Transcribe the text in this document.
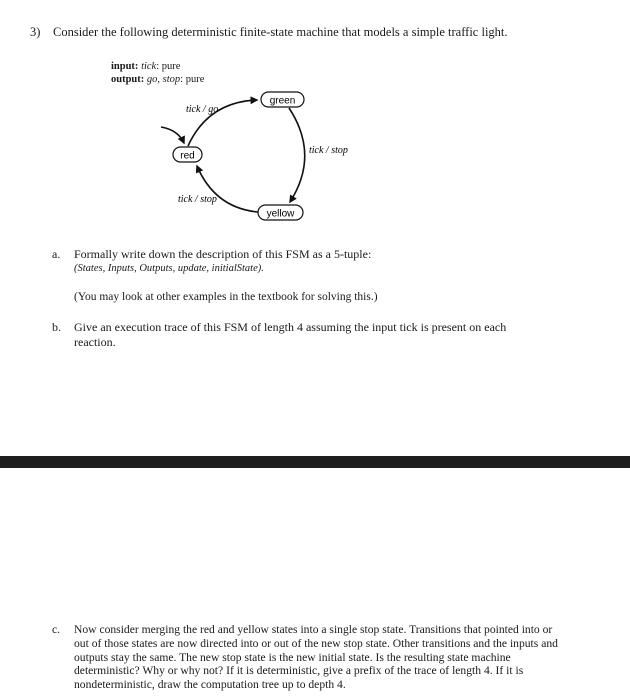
3) Consider the following deterministic finite-state machine that models a simple traffic light.
input: tick: pure
output: go, stop: pure
green
red
yellow
tick / go
tick / stop
tick / stop
a. Formally write down the description of this FSM as a 5-tuple:
(States, Inputs, Outputs, update, initialState).
(You may look at other examples in the textbook for solving this.)
b. Give an execution trace of this FSM of length 4 assuming the input tick is present on each reaction.
c. Now consider merging the red and yellow states into a single stop state. Transitions that pointed into or out of those states are now directed into or out of the new stop state. Other transitions and the inputs and outputs stay the same. The new stop state is the new initial state. Is the resulting state machine deterministic? Why or why not? If it is deterministic, give a prefix of the trace of length 4. If it is nondeterministic, draw the computation tree up to depth 4.
